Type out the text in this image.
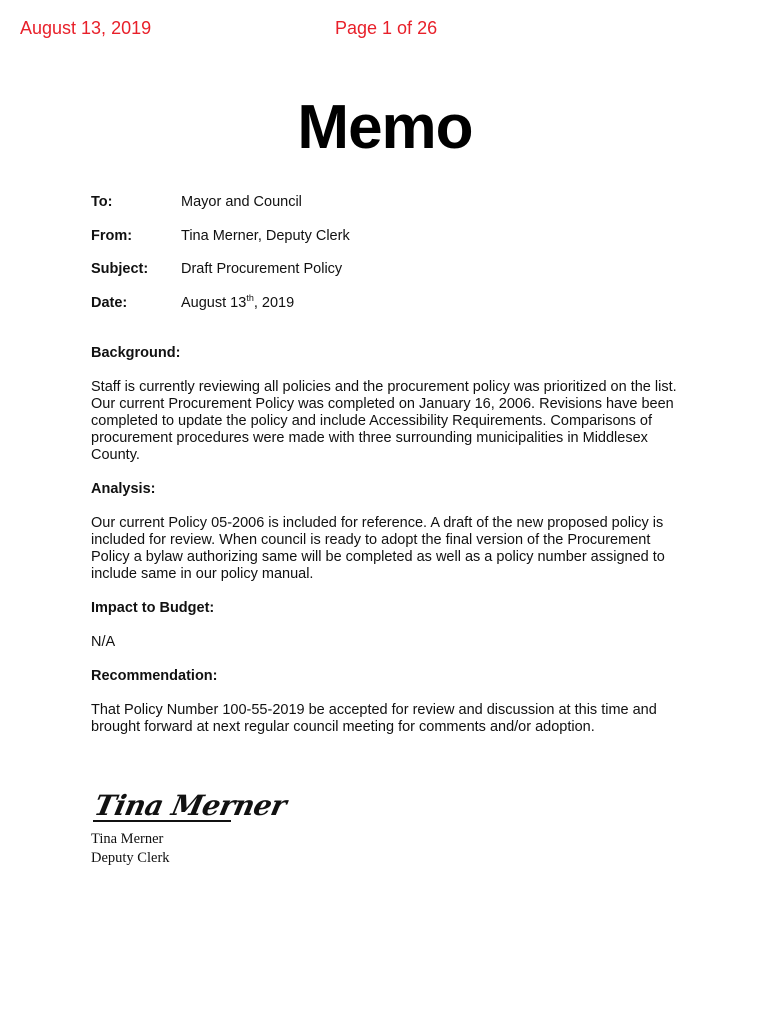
August 13, 2019	Page 1 of 26
Memo
To:	Mayor and Council
From:	Tina Merner, Deputy Clerk
Subject:	Draft Procurement Policy
Date:	August 13th, 2019
Background:
Staff is currently reviewing all policies and the procurement policy was prioritized on the list. Our current Procurement Policy was completed on January 16, 2006. Revisions have been completed to update the policy and include Accessibility Requirements. Comparisons of procurement procedures were made with three surrounding municipalities in Middlesex County.
Analysis:
Our current Policy 05-2006 is included for reference. A draft of the new proposed policy is included for review. When council is ready to adopt the final version of the Procurement Policy a bylaw authorizing same will be completed as well as a policy number assigned to include same in our policy manual.
Impact to Budget:
N/A
Recommendation:
That Policy Number 100-55-2019 be accepted for review and discussion at this time and brought forward at next regular council meeting for comments and/or adoption.
Tina Merner
Tina Merner
Deputy Clerk
